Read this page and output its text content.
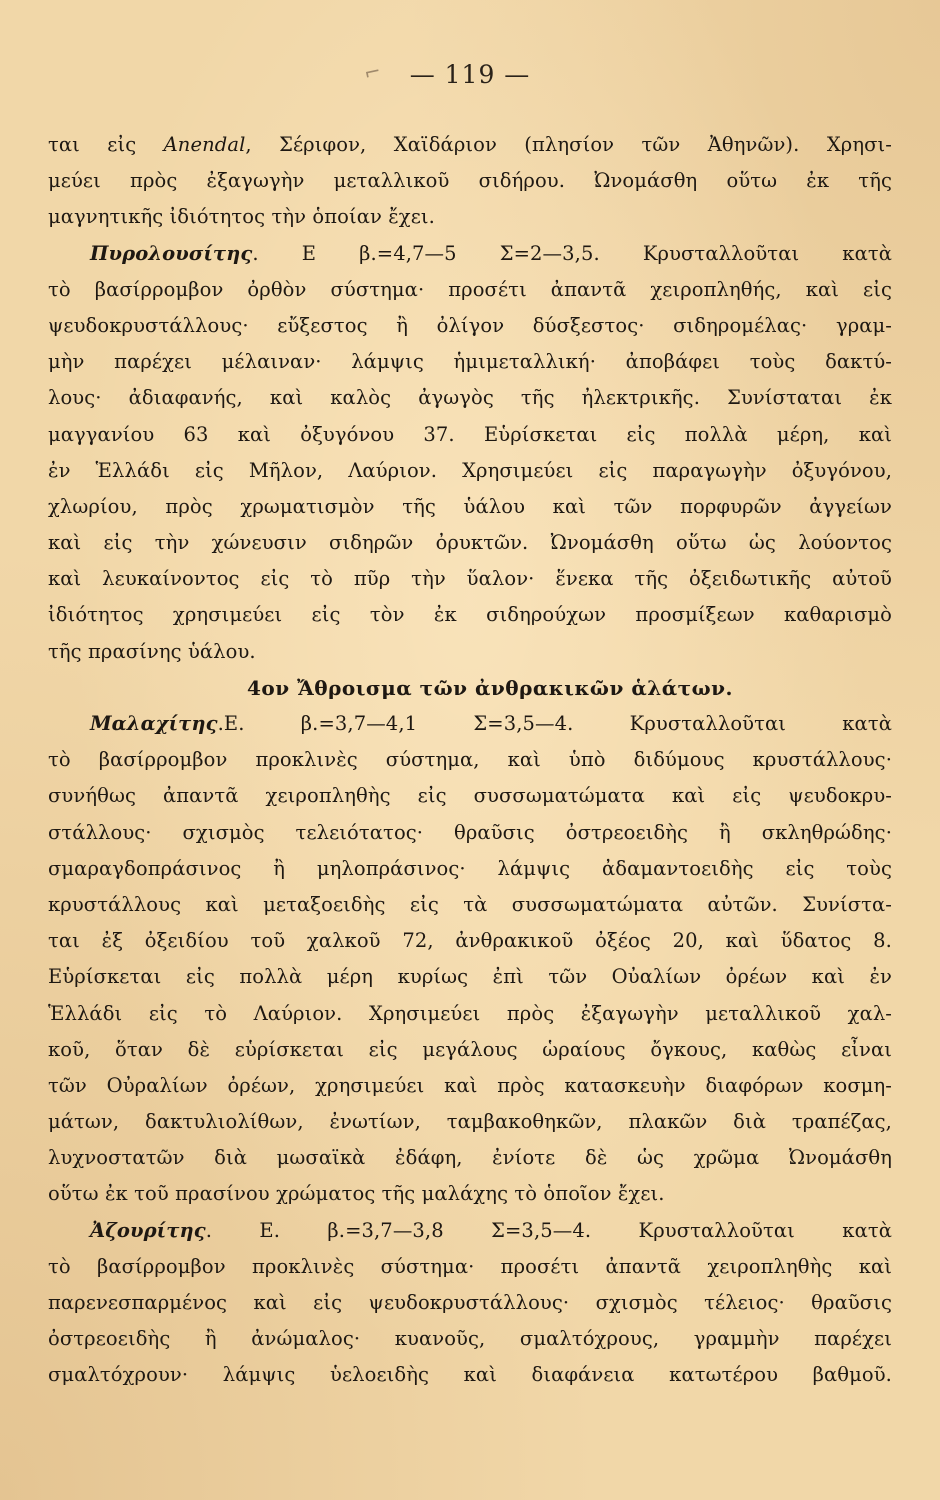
⌐	— 119 —
ται εἰς Anendal, Σέριφον, Χαϊδάριον (πλησίον τῶν Ἀθηνῶν). Χρησι-
μεύει πρὸς ἐξαγωγὴν μεταλλικοῦ σιδήρου. Ὠνομάσθη οὕτω ἐκ τῆς
μαγνητικῆς ἰδιότητος τὴν ὁποίαν ἔχει.
Πυρολουσίτης. Ε β.=4,7—5 Σ=2—3,5. Κρυσταλλοῦται κατὰ
τὸ βασίρρομβον ὀρθὸν σύστημα· προσέτι ἀπαντᾶ χειροπληθής, καὶ εἰς
ψευδοκρυστάλλους· εὔξεστος ἢ ὀλίγον δύσξεστος· σιδηρομέλας· γραμ-
μὴν παρέχει μέλαιναν· λάμψις ἡμιμεταλλική· ἀποβάφει τοὺς δακτύ-
λους· ἀδιαφανής, καὶ καλὸς ἀγωγὸς τῆς ἠλεκτρικῆς. Συνίσταται ἐκ
μαγγανίου 63 καὶ ὀξυγόνου 37. Εὑρίσκεται εἰς πολλὰ μέρη, καὶ
ἐν Ἑλλάδι εἰς Μῆλον, Λαύριον. Χρησιμεύει εἰς παραγωγὴν ὀξυγόνου,
χλωρίου, πρὸς χρωματισμὸν τῆς ὑάλου καὶ τῶν πορφυρῶν ἀγγείων
καὶ εἰς τὴν χώνευσιν σιδηρῶν ὀρυκτῶν. Ὠνομάσθη οὕτω ὡς λούοντος
καὶ λευκαίνοντος εἰς τὸ πῦρ τὴν ὕαλον· ἕνεκα τῆς ὀξειδωτικῆς αὐτοῦ
ἰδιότητος χρησιμεύει εἰς τὸν ἐκ σιδηρούχων προσμίξεων καθαρισμὸ
τῆς πρασίνης ὑάλου.
4ον Ἄθροισμα τῶν ἀνθρακικῶν ἁλάτων.
Μαλαχίτης.Ε. β.=3,7—4,1 Σ=3,5—4. Κρυσταλλοῦται κατὰ
τὸ βασίρρομβον προκλινὲς σύστημα, καὶ ὑπὸ διδύμους κρυστάλλους·
συνήθως ἀπαντᾶ χειροπληθὴς εἰς συσσωματώματα καὶ εἰς ψευδοκρυ-
στάλλους· σχισμὸς τελειότατος· θραῦσις ὀστρεοειδὴς ἢ σκληθρώδης·
σμαραγδοπράσινος ἢ μηλοπράσινος· λάμψις ἀδαμαντοειδὴς εἰς τοὺς
κρυστάλλους καὶ μεταξοειδὴς εἰς τὰ συσσωματώματα αὐτῶν. Συνίστα-
ται ἐξ ὀξειδίου τοῦ χαλκοῦ 72, ἀνθρακικοῦ ὀξέος 20, καὶ ὕδατος 8.
Εὑρίσκεται εἰς πολλὰ μέρη κυρίως ἐπὶ τῶν Οὐαλίων ὀρέων καὶ ἐν
Ἑλλάδι εἰς τὸ Λαύριον. Χρησιμεύει πρὸς ἐξαγωγὴν μεταλλικοῦ χαλ-
κοῦ, ὅταν δὲ εὑρίσκεται εἰς μεγάλους ὡραίους ὄγκους, καθὼς εἶναι
τῶν Οὐραλίων ὀρέων, χρησιμεύει καὶ πρὸς κατασκευὴν διαφόρων κοσμη-
μάτων, δακτυλιολίθων, ἐνωτίων, ταμβακοθηκῶν, πλακῶν διὰ τραπέζας,
λυχνοστατῶν διὰ μωσαϊκὰ ἐδάφη, ἐνίοτε δὲ ὡς χρῶμα Ὠνομάσθη
οὕτω ἐκ τοῦ πρασίνου χρώματος τῆς μαλάχης τὸ ὁποῖον ἔχει.
Ἀζουρίτης. Ε. β.=3,7—3,8 Σ=3,5—4. Κρυσταλλοῦται κατὰ
τὸ βασίρρομβον προκλινὲς σύστημα· προσέτι ἀπαντᾶ χειροπληθὴς καὶ
παρενεσπαρμένος καὶ εἰς ψευδοκρυστάλλους· σχισμὸς τέλειος· θραῦσις
ὀστρεοειδὴς ἢ ἀνώμαλος· κυανοῦς, σμαλτόχρους, γραμμὴν παρέχει
σμαλτόχρουν· λάμψις ὑελοειδὴς καὶ διαφάνεια κατωτέρου βαθμοῦ.
